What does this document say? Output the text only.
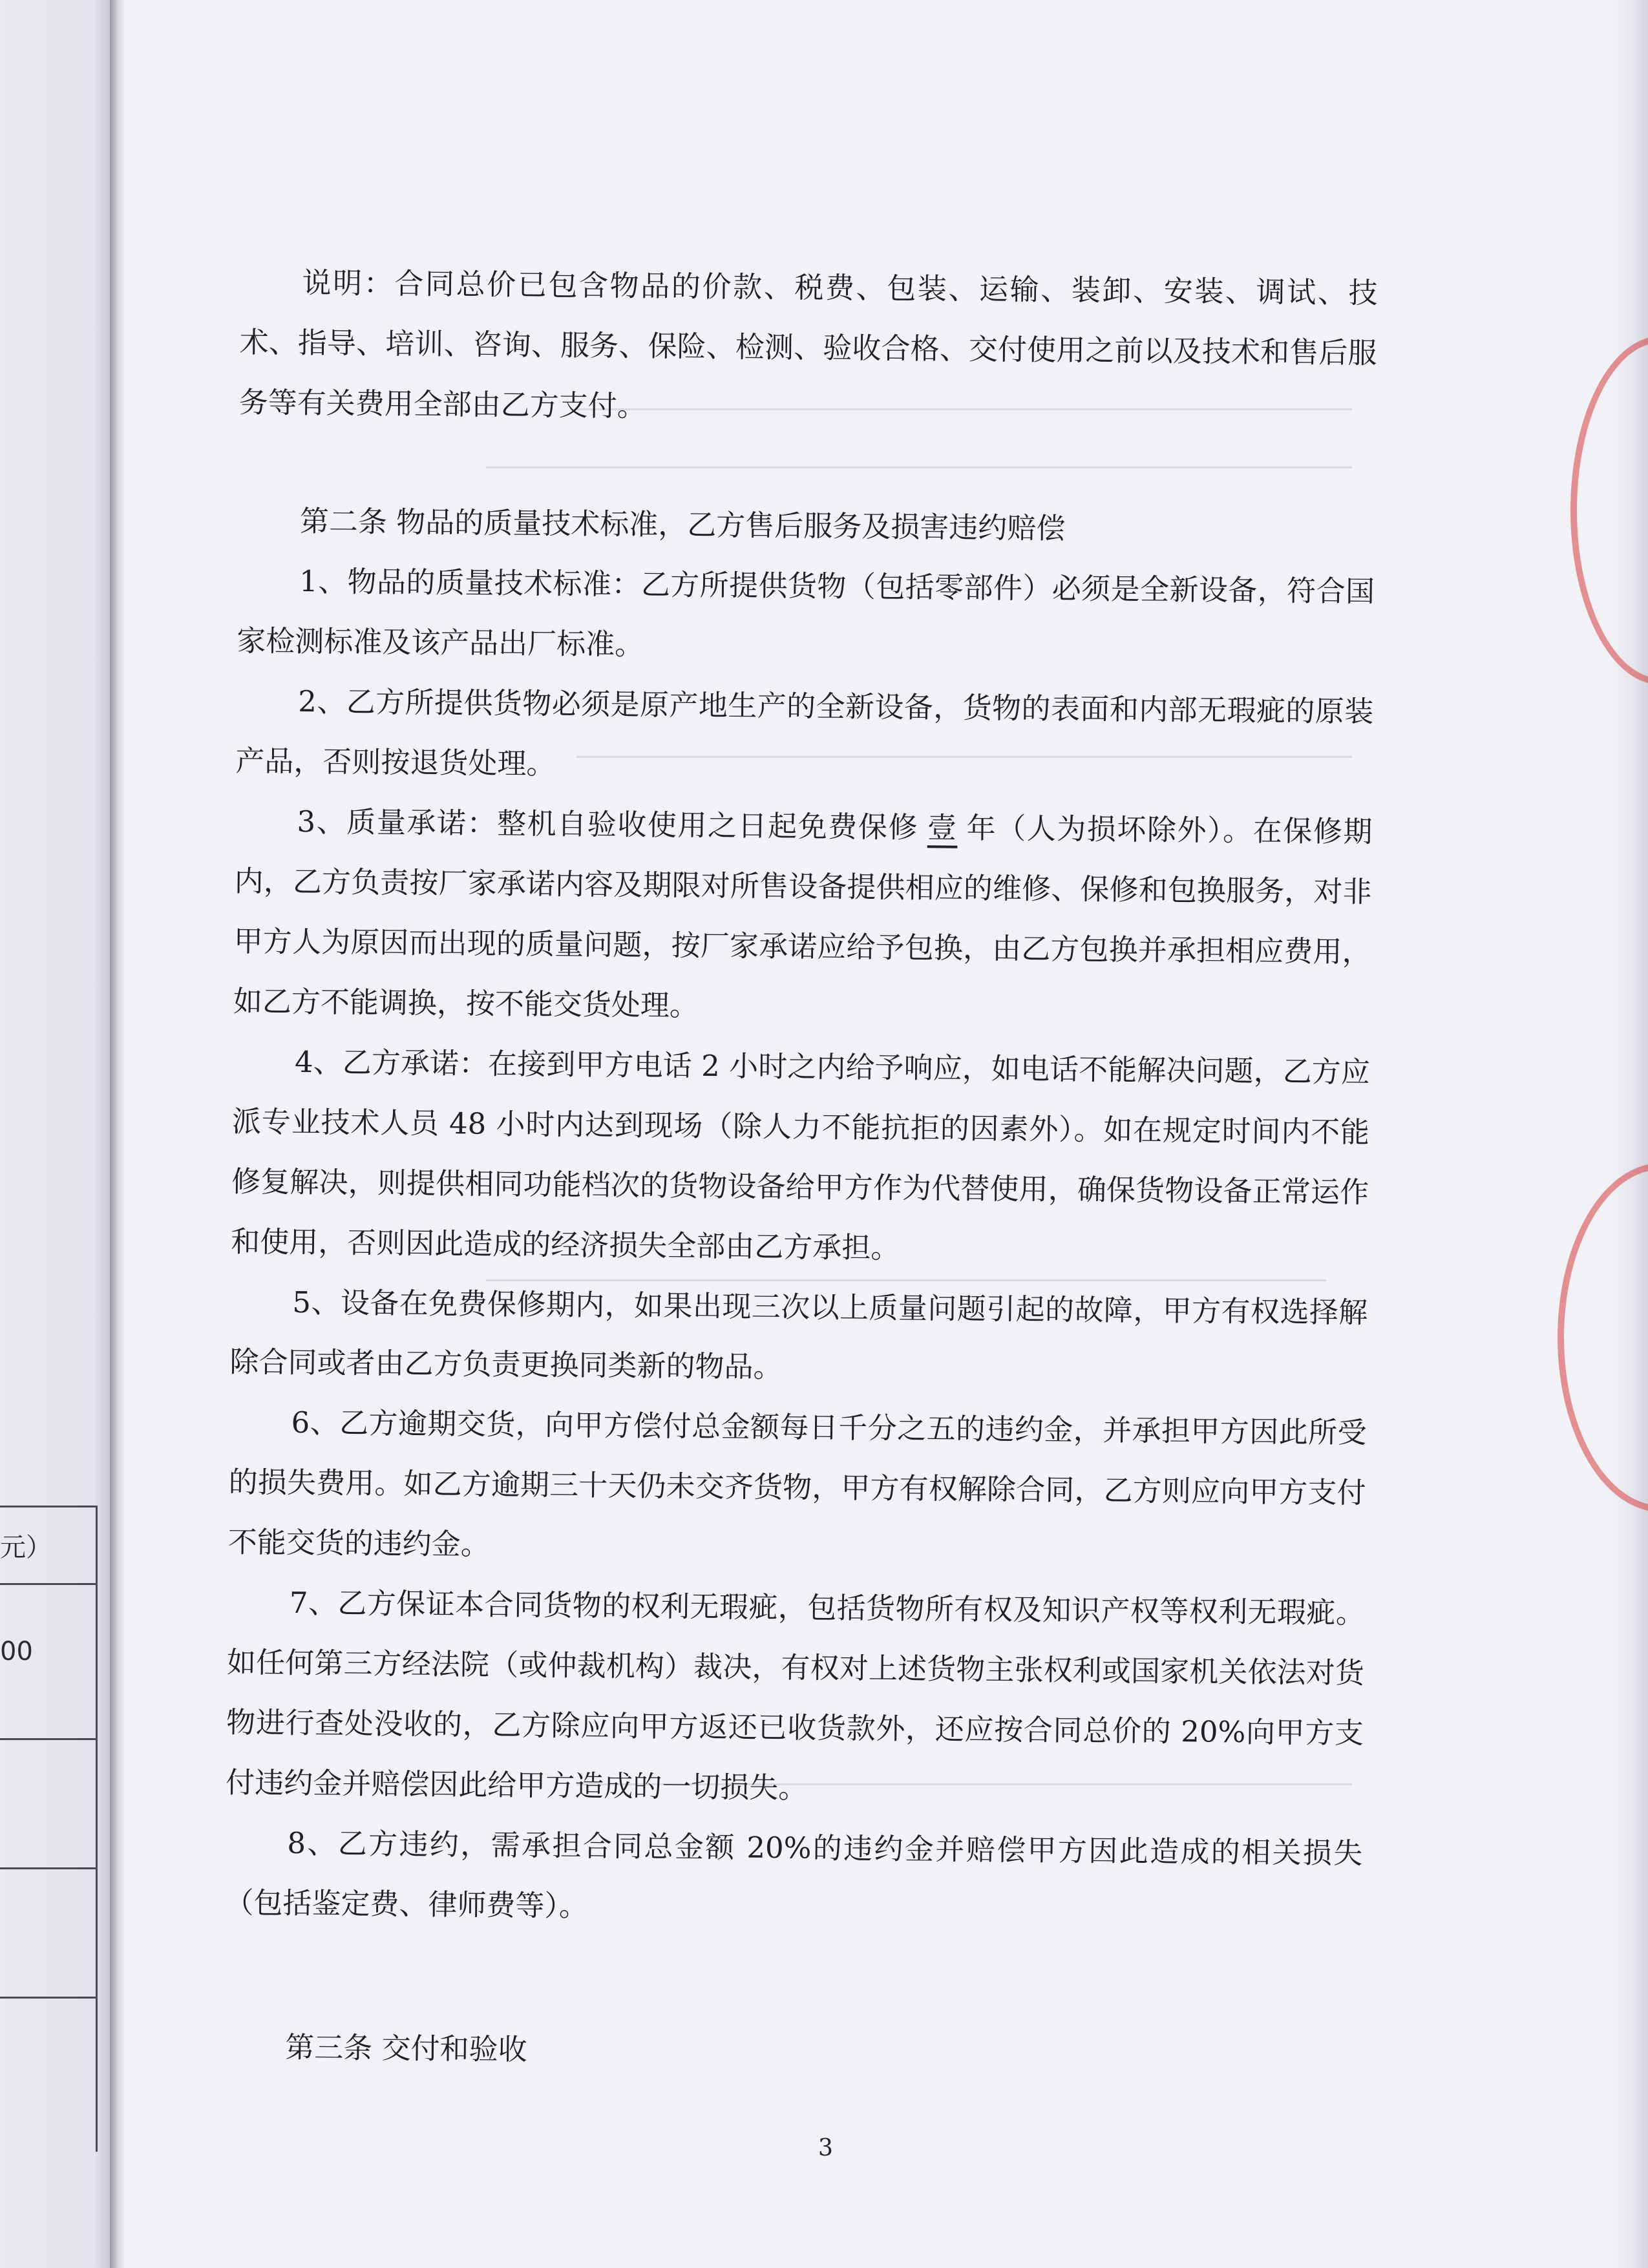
元）
00

说明：合同总价已包含物品的价款、税费、包装、运输、装卸、安装、调试、技术、指导、培训、咨询、服务、保险、检测、验收合格、交付使用之前以及技术和售后服务等有关费用全部由乙方支付。

第二条 物品的质量技术标准，乙方售后服务及损害违约赔偿

1、物品的质量技术标准：乙方所提供货物（包括零部件）必须是全新设备，符合国家检测标准及该产品出厂标准。

2、乙方所提供货物必须是原产地生产的全新设备，货物的表面和内部无瑕疵的原装产品，否则按退货处理。

3、质量承诺：整机自验收使用之日起免费保修 壹 年（人为损坏除外）。在保修期内，乙方负责按厂家承诺内容及期限对所售设备提供相应的维修、保修和包换服务，对非甲方人为原因而出现的质量问题，按厂家承诺应给予包换，由乙方包换并承担相应费用，如乙方不能调换，按不能交货处理。

4、乙方承诺：在接到甲方电话 2 小时之内给予响应，如电话不能解决问题，乙方应派专业技术人员 48 小时内达到现场（除人力不能抗拒的因素外）。如在规定时间内不能修复解决，则提供相同功能档次的货物设备给甲方作为代替使用，确保货物设备正常运作和使用，否则因此造成的经济损失全部由乙方承担。

5、设备在免费保修期内，如果出现三次以上质量问题引起的故障，甲方有权选择解除合同或者由乙方负责更换同类新的物品。

6、乙方逾期交货，向甲方偿付总金额每日千分之五的违约金，并承担甲方因此所受的损失费用。如乙方逾期三十天仍未交齐货物，甲方有权解除合同，乙方则应向甲方支付不能交货的违约金。

7、乙方保证本合同货物的权利无瑕疵，包括货物所有权及知识产权等权利无瑕疵。如任何第三方经法院（或仲裁机构）裁决，有权对上述货物主张权利或国家机关依法对货物进行查处没收的，乙方除应向甲方返还已收货款外，还应按合同总价的 20%向甲方支付违约金并赔偿因此给甲方造成的一切损失。

8、乙方违约，需承担合同总金额 20%的违约金并赔偿甲方因此造成的相关损失（包括鉴定费、律师费等）。

第三条 交付和验收

3
